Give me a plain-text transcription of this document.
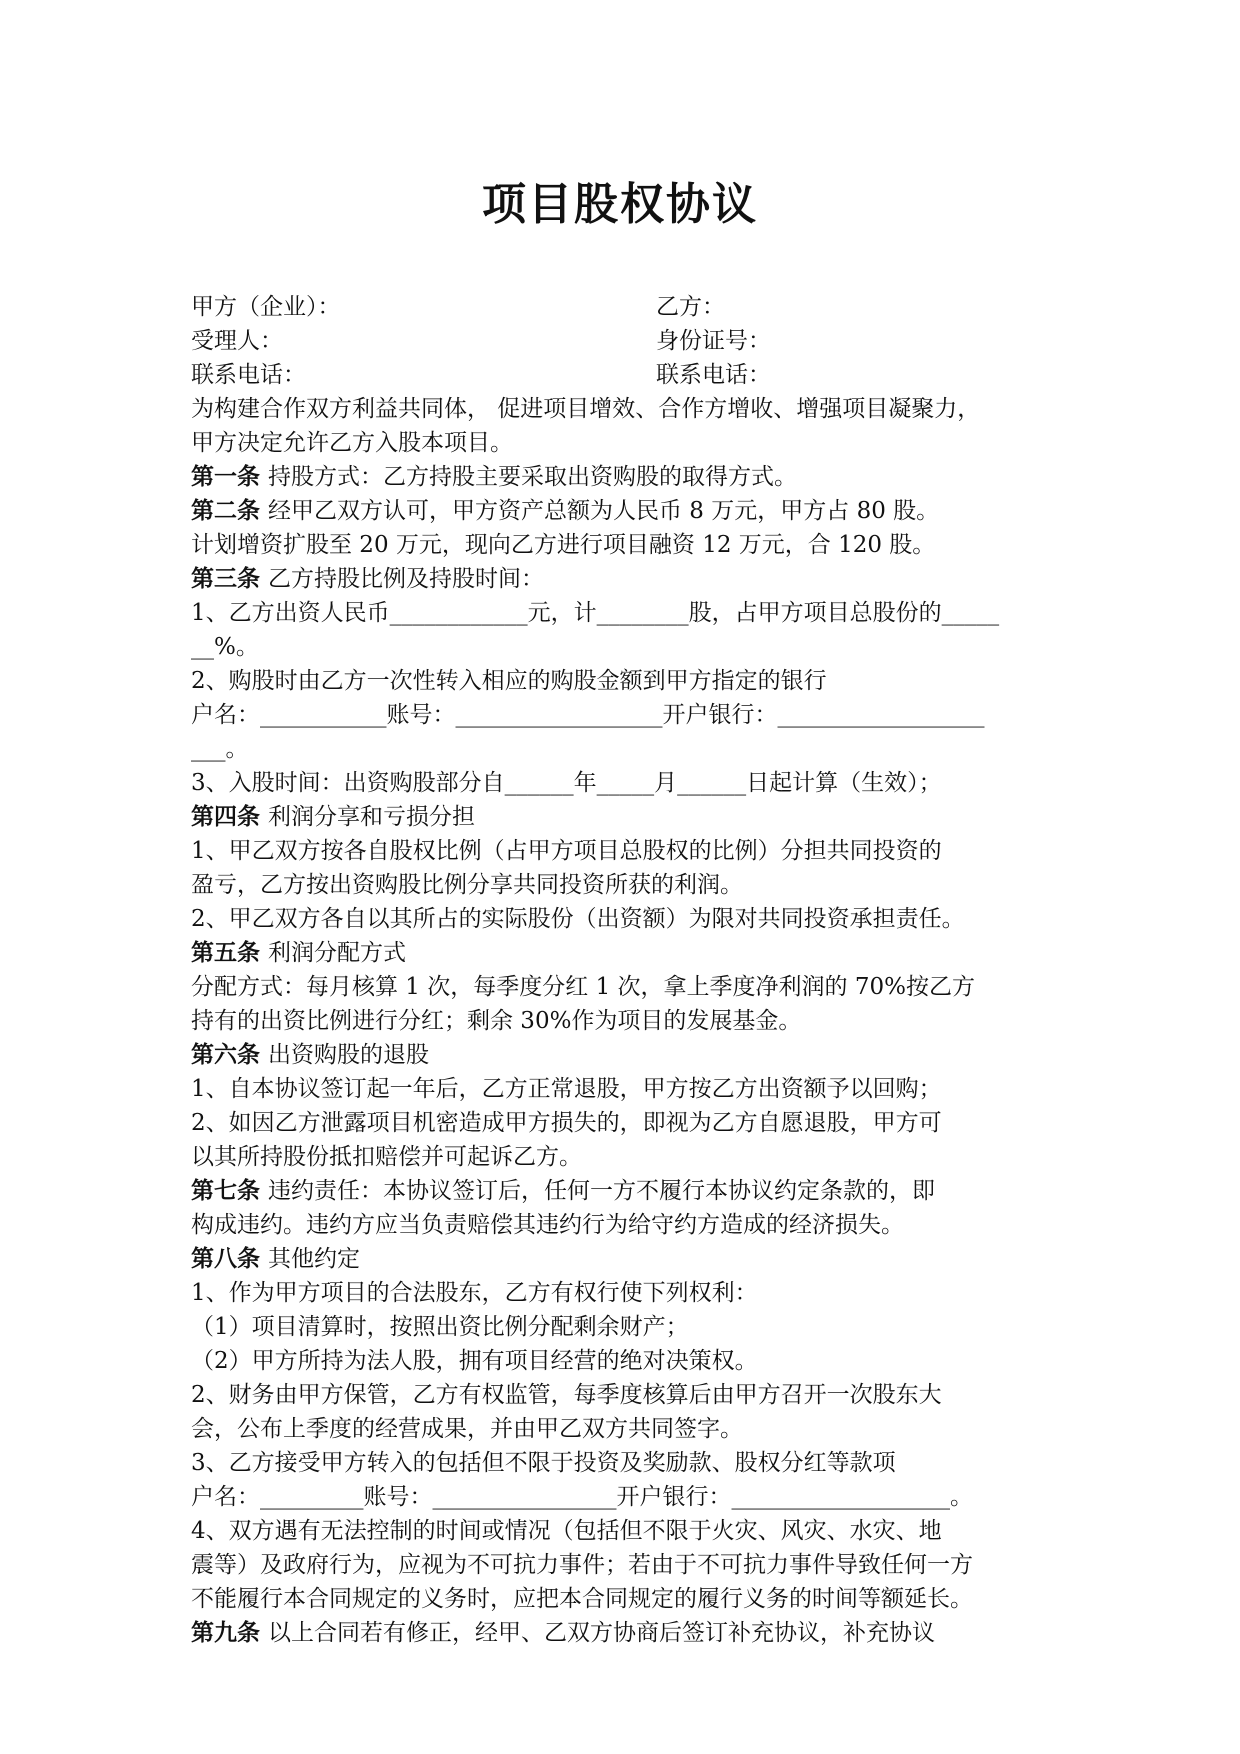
项目股权协议
甲方（企业）：	乙方：
受理人：	身份证号：
联系电话：	联系电话：
为构建合作双方利益共同体， 促进项目增效、合作方增收、增强项目凝聚力，
甲方决定允许乙方入股本项目。
第一条 持股方式：乙方持股主要采取出资购股的取得方式。
第二条 经甲乙双方认可，甲方资产总额为人民币 8 万元，甲方占 80 股。
计划增资扩股至 20 万元，现向乙方进行项目融资 12 万元，合 120 股。
第三条 乙方持股比例及持股时间：
1、乙方出资人民币____________元，计________股，占甲方项目总股份的_____
__%。
2、购股时由乙方一次性转入相应的购股金额到甲方指定的银行
户名：___________账号：__________________开户银行：__________________
___。
3、入股时间：出资购股部分自______年_____月______日起计算（生效）；
第四条 利润分享和亏损分担
1、甲乙双方按各自股权比例（占甲方项目总股权的比例）分担共同投资的
盈亏，乙方按出资购股比例分享共同投资所获的利润。
2、甲乙双方各自以其所占的实际股份（出资额）为限对共同投资承担责任。
第五条 利润分配方式
分配方式：每月核算 1 次，每季度分红 1 次，拿上季度净利润的 70%按乙方
持有的出资比例进行分红；剩余 30%作为项目的发展基金。
第六条 出资购股的退股
1、自本协议签订起一年后，乙方正常退股，甲方按乙方出资额予以回购；
2、如因乙方泄露项目机密造成甲方损失的，即视为乙方自愿退股，甲方可
以其所持股份抵扣赔偿并可起诉乙方。
第七条 违约责任：本协议签订后，任何一方不履行本协议约定条款的，即
构成违约。违约方应当负责赔偿其违约行为给守约方造成的经济损失。
第八条 其他约定
1、作为甲方项目的合法股东，乙方有权行使下列权利：
（1）项目清算时，按照出资比例分配剩余财产；
（2）甲方所持为法人股，拥有项目经营的绝对决策权。
2、财务由甲方保管，乙方有权监管，每季度核算后由甲方召开一次股东大
会，公布上季度的经营成果，并由甲乙双方共同签字。
3、乙方接受甲方转入的包括但不限于投资及奖励款、股权分红等款项
户名：_________账号：________________开户银行：___________________。
4、双方遇有无法控制的时间或情况（包括但不限于火灾、风灾、水灾、地
震等）及政府行为，应视为不可抗力事件；若由于不可抗力事件导致任何一方
不能履行本合同规定的义务时，应把本合同规定的履行义务的时间等额延长。
第九条 以上合同若有修正，经甲、乙双方协商后签订补充协议，补充协议
